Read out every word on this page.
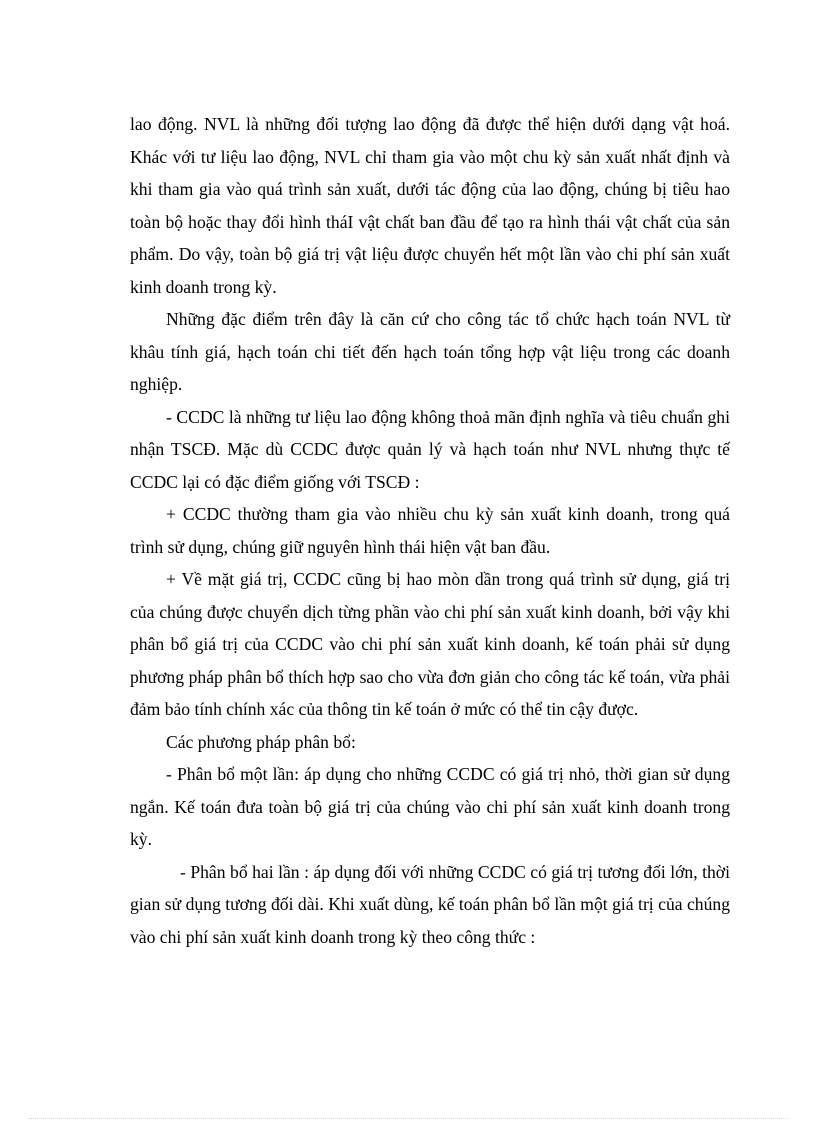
lao động. NVL là những đối tượng lao động đã được thể hiện dưới dạng vật hoá. Khác với tư liệu lao động, NVL chỉ tham gia vào một chu kỳ sản xuất nhất định và khi tham gia vào quá trình sản xuất, dưới tác động của lao động, chúng bị tiêu hao toàn bộ hoặc thay đổi hình tháI vật chất ban đầu để tạo ra hình thái vật chất của sản phẩm. Do vậy, toàn bộ giá trị vật liệu được chuyển hết một lần vào chi phí sản xuất kinh doanh trong kỳ.

Những đặc điểm trên đây là căn cứ cho công tác tổ chức hạch toán NVL từ khâu tính giá, hạch toán chi tiết đến hạch toán tổng hợp vật liệu trong các doanh nghiệp.

- CCDC là những tư liệu lao động không thoả mãn định nghĩa và tiêu chuẩn ghi nhận TSCĐ. Mặc dù CCDC được quản lý và hạch toán như NVL nhưng thực tế CCDC lại có đặc điểm giống với TSCĐ :

+ CCDC thường tham gia vào nhiều chu kỳ sản xuất kinh doanh, trong quá trình sử dụng, chúng giữ nguyên hình thái hiện vật ban đầu.

+ Về mặt giá trị, CCDC cũng bị hao mòn dần trong quá trình sử dụng, giá trị của chúng được chuyển dịch từng phần vào chi phí sản xuất kinh doanh, bởi vậy khi phân bổ giá trị của CCDC vào chi phí sản xuất kinh doanh, kế toán phải sử dụng phương pháp phân bổ thích hợp sao cho vừa đơn giản cho công tác kế toán, vừa phải đảm bảo tính chính xác của thông tin kế toán ở mức có thể tin cậy được.

Các phương pháp phân bổ:

- Phân bổ một lần: áp dụng cho những CCDC có giá trị nhỏ, thời gian sử dụng ngắn. Kế toán đưa toàn bộ giá trị của chúng vào chi phí sản xuất kinh doanh trong kỳ.

- Phân bổ hai lần : áp dụng đối với những CCDC có giá trị tương đối lớn, thời gian sử dụng tương đối dài. Khi xuất dùng, kế toán phân bổ lần một giá trị của chúng vào chi phí sản xuất kinh doanh trong kỳ theo công thức :
